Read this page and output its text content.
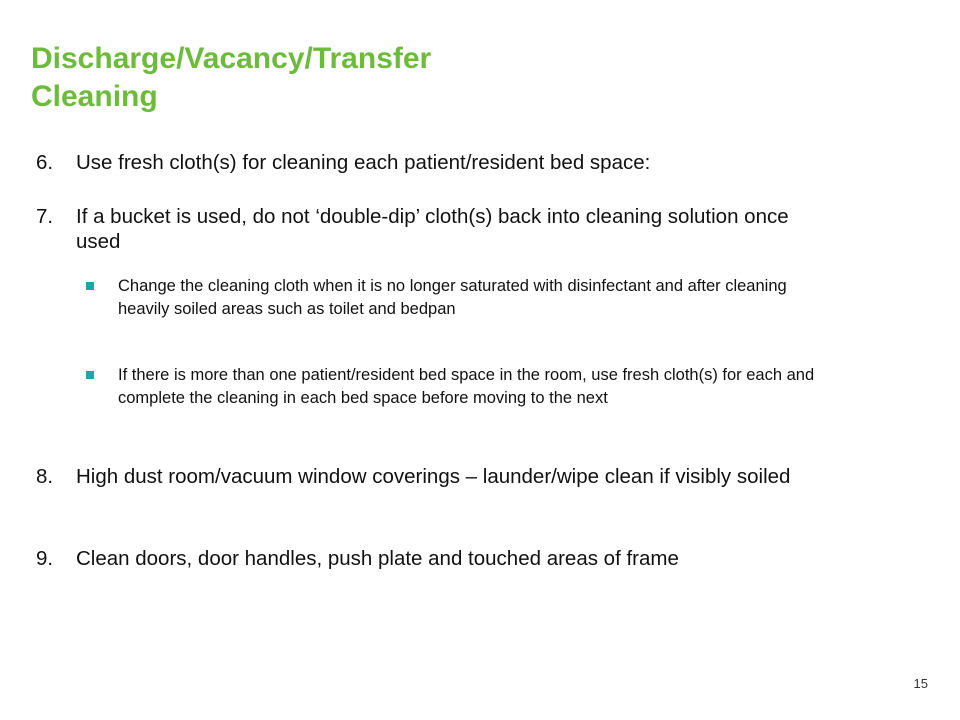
Discharge/Vacancy/Transfer
Cleaning
6.	Use fresh cloth(s) for cleaning each patient/resident bed space:
7.	If a bucket is used, do not ‘double-dip’ cloth(s) back into cleaning solution once used
Change the cleaning cloth when it is no longer saturated with disinfectant and after cleaning heavily soiled areas such as toilet and bedpan
If there is more than one patient/resident bed space in the room, use fresh cloth(s) for each and complete the cleaning in each bed space before moving to the next
8.	High dust room/vacuum window coverings – launder/wipe clean if visibly soiled
9.	Clean doors, door handles, push plate and touched areas of frame
15
